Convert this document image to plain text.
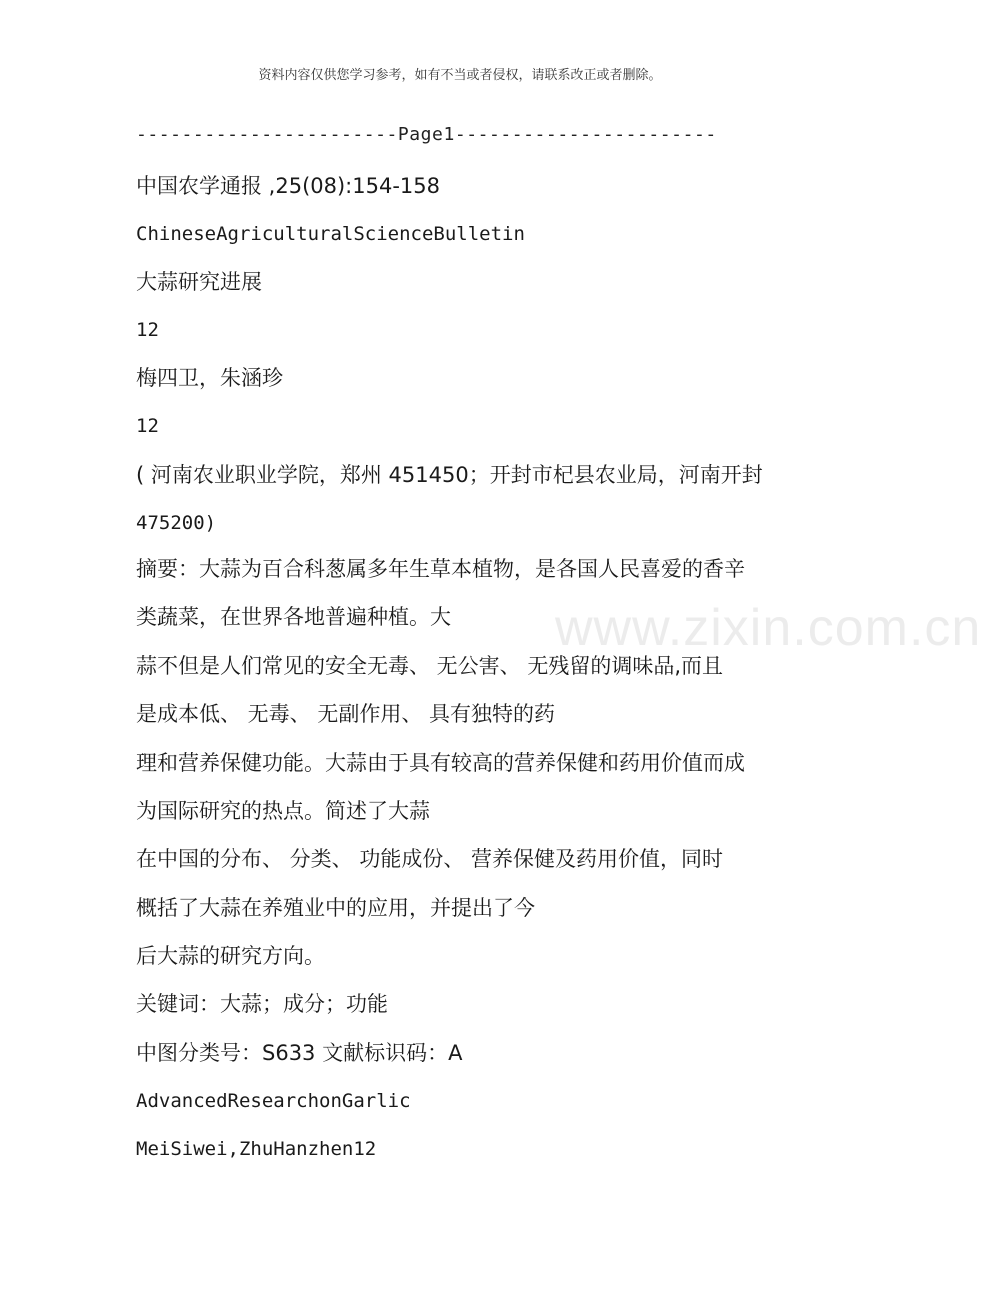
资料内容仅供您学习参考，如有不当或者侵权，请联系改正或者删除。
-----------------------Page1-----------------------
中国农学通报 ,25(08):154-158
ChineseAgriculturalScienceBulletin
大蒜研究进展
12
梅四卫，朱涵珍
12
( 河南农业职业学院，郑州 451450；开封市杞县农业局，河南开封
475200)
摘要：大蒜为百合科葱属多年生草本植物，是各国人民喜爱的香辛
类蔬菜，在世界各地普遍种植。大
蒜不但是人们常见的安全无毒、 无公害、 无残留的调味品,而且
是成本低、 无毒、 无副作用、 具有独特的药
理和营养保健功能。大蒜由于具有较高的营养保健和药用价值而成
为国际研究的热点。简述了大蒜
在中国的分布、 分类、 功能成份、 营养保健及药用价值，同时
概括了大蒜在养殖业中的应用，并提出了今
后大蒜的研究方向。
关键词：大蒜；成分；功能
中图分类号：S633 文献标识码：A
AdvancedResearchonGarlic
MeiSiwei,ZhuHanzhen12
www.zixin.com.cn
